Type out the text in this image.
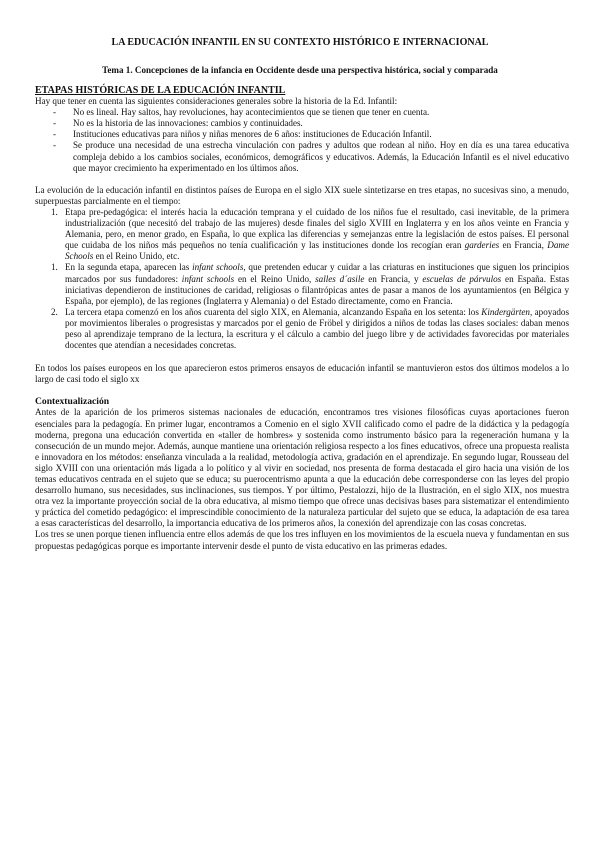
LA EDUCACIÓN INFANTIL EN SU CONTEXTO HISTÓRICO E INTERNACIONAL
Tema 1. Concepciones de la infancia en Occidente desde una perspectiva histórica, social y comparada

ETAPAS HISTÓRICAS DE LA EDUCACIÓN INFANTIL

Hay que tener en cuenta las siguientes consideraciones generales sobre la historia de la Ed. Infantil:

- No es lineal. Hay saltos, hay revoluciones, hay acontecimientos que se tienen que tener en cuenta.

- No es la historia de las innovaciones: cambios y continuidades.

- Instituciones educativas para niños y niñas menores de 6 años: instituciones de Educación Infantil.

- Se produce una necesidad de una estrecha vinculación con padres y adultos que rodean al niño. Hoy en día es una tarea educativa compleja debido a los cambios sociales, económicos, demográficos y educativos. Además, la Educación Infantil es el nivel educativo que mayor crecimiento ha experimentado en los últimos años.

La evolución de la educación infantil en distintos países de Europa en el siglo XIX suele sintetizarse en tres etapas, no sucesivas sino, a menudo, superpuestas parcialmente en el tiempo:

1. Etapa pre-pedagógica: el interés hacia la educación temprana y el cuidado de los niños fue el resultado, casi inevitable, de la primera industrialización (que necesitó del trabajo de las mujeres) desde finales del siglo XVIII en Inglaterra y en los años veinte en Francia y Alemania, pero, en menor grado, en España, lo que explica las diferencias y semejanzas entre la legislación de estos países. El personal que cuidaba de los niños más pequeños no tenía cualificación y las instituciones donde los recogían eran garderies en Francia, Dame Schools en el Reino Unido, etc.

1. En la segunda etapa, aparecen las infant schools, que pretenden educar y cuidar a las criaturas en instituciones que siguen los principios marcados por sus fundadores: infant schools en el Reino Unido, salles d´asile en Francia, y escuelas de párvulos en España. Estas iniciativas dependieron de instituciones de caridad, religiosas o filantrópicas antes de pasar a manos de los ayuntamientos (en Bélgica y España, por ejemplo), de las regiones (Inglaterra y Alemania) o del Estado directamente, como en Francia.

2. La tercera etapa comenzó en los años cuarenta del siglo XIX, en Alemania, alcanzando España en los setenta: los Kindergärten, apoyados por movimientos liberales o progresistas y marcados por el genio de Fröbel y dirigidos a niños de todas las clases sociales: daban menos peso al aprendizaje temprano de la lectura, la escritura y el cálculo a cambio del juego libre y de actividades favorecidas por materiales docentes que atendían a necesidades concretas.

En todos los países europeos en los que aparecieron estos primeros ensayos de educación infantil se mantuvieron estos dos últimos modelos a lo largo de casi todo el siglo xx

Contextualización

Antes de la aparición de los primeros sistemas nacionales de educación, encontramos tres visiones filosóficas cuyas aportaciones fueron esenciales para la pedagogía. En primer lugar, encontramos a Comenio en el siglo XVII calificado como el padre de la didáctica y la pedagogía moderna, pregona una educación convertida en «taller de hombres» y sostenida como instrumento básico para la regeneración humana y la consecución de un mundo mejor. Además, aunque mantiene una orientación religiosa respecto a los fines educativos, ofrece una propuesta realista e innovadora en los métodos: enseñanza vinculada a la realidad, metodología activa, gradación en el aprendizaje. En segundo lugar, Rousseau del siglo XVIII con una orientación más ligada a lo político y al vivir en sociedad, nos presenta de forma destacada el giro hacia una visión de los temas educativos centrada en el sujeto que se educa; su puerocentrismo apunta a que la educación debe corresponderse con las leyes del propio desarrollo humano, sus necesidades, sus inclinaciones, sus tiempos. Y por último, Pestalozzi, hijo de la Ilustración, en el siglo XIX, nos muestra otra vez la importante proyección social de la obra educativa, al mismo tiempo que ofrece unas decisivas bases para sistematizar el entendimiento y práctica del cometido pedagógico: el imprescindible conocimiento de la naturaleza particular del sujeto que se educa, la adaptación de esa tarea a esas características del desarrollo, la importancia educativa de los primeros años, la conexión del aprendizaje con las cosas concretas.

Los tres se unen porque tienen influencia entre ellos además de que los tres influyen en los movimientos de la escuela nueva y fundamentan en sus propuestas pedagógicas porque es importante intervenir desde el punto de vista educativo en las primeras edades.
